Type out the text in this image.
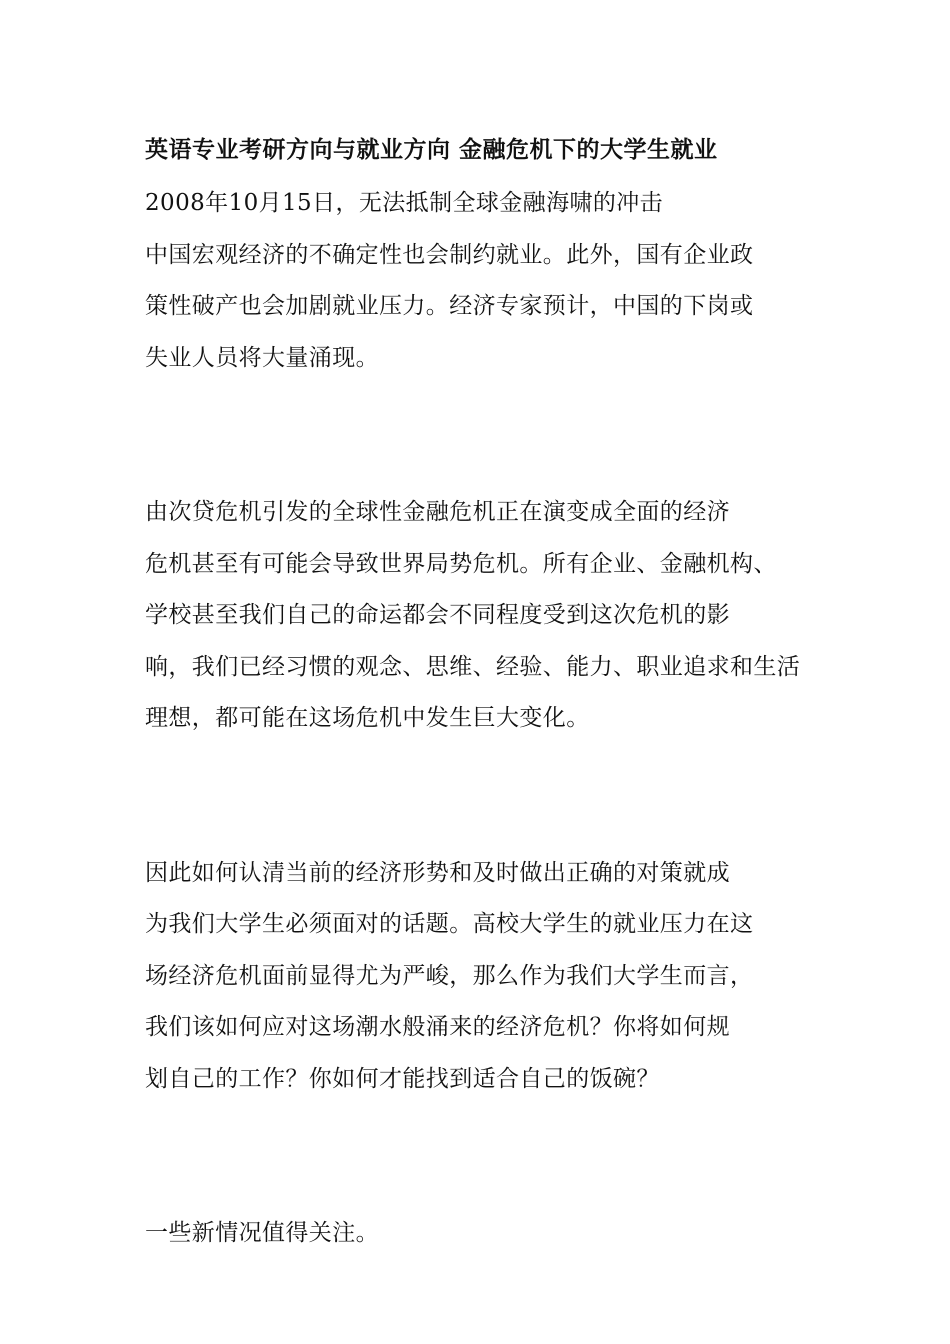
英语专业考研方向与就业方向 金融危机下的大学生就业
2008年10月15日，无法抵制全球金融海啸的冲击
中国宏观经济的不确定性也会制约就业。此外，国有企业政
策性破产也会加剧就业压力。经济专家预计，中国的下岗或
失业人员将大量涌现。
由次贷危机引发的全球性金融危机正在演变成全面的经济
危机甚至有可能会导致世界局势危机。所有企业、金融机构、
学校甚至我们自己的命运都会不同程度受到这次危机的影
响，我们已经习惯的观念、思维、经验、能力、职业追求和生活
理想，都可能在这场危机中发生巨大变化。
因此如何认清当前的经济形势和及时做出正确的对策就成
为我们大学生必须面对的话题。高校大学生的就业压力在这
场经济危机面前显得尤为严峻，那么作为我们大学生而言，
我们该如何应对这场潮水般涌来的经济危机？你将如何规
划自己的工作？你如何才能找到适合自己的饭碗？
一些新情况值得关注。
